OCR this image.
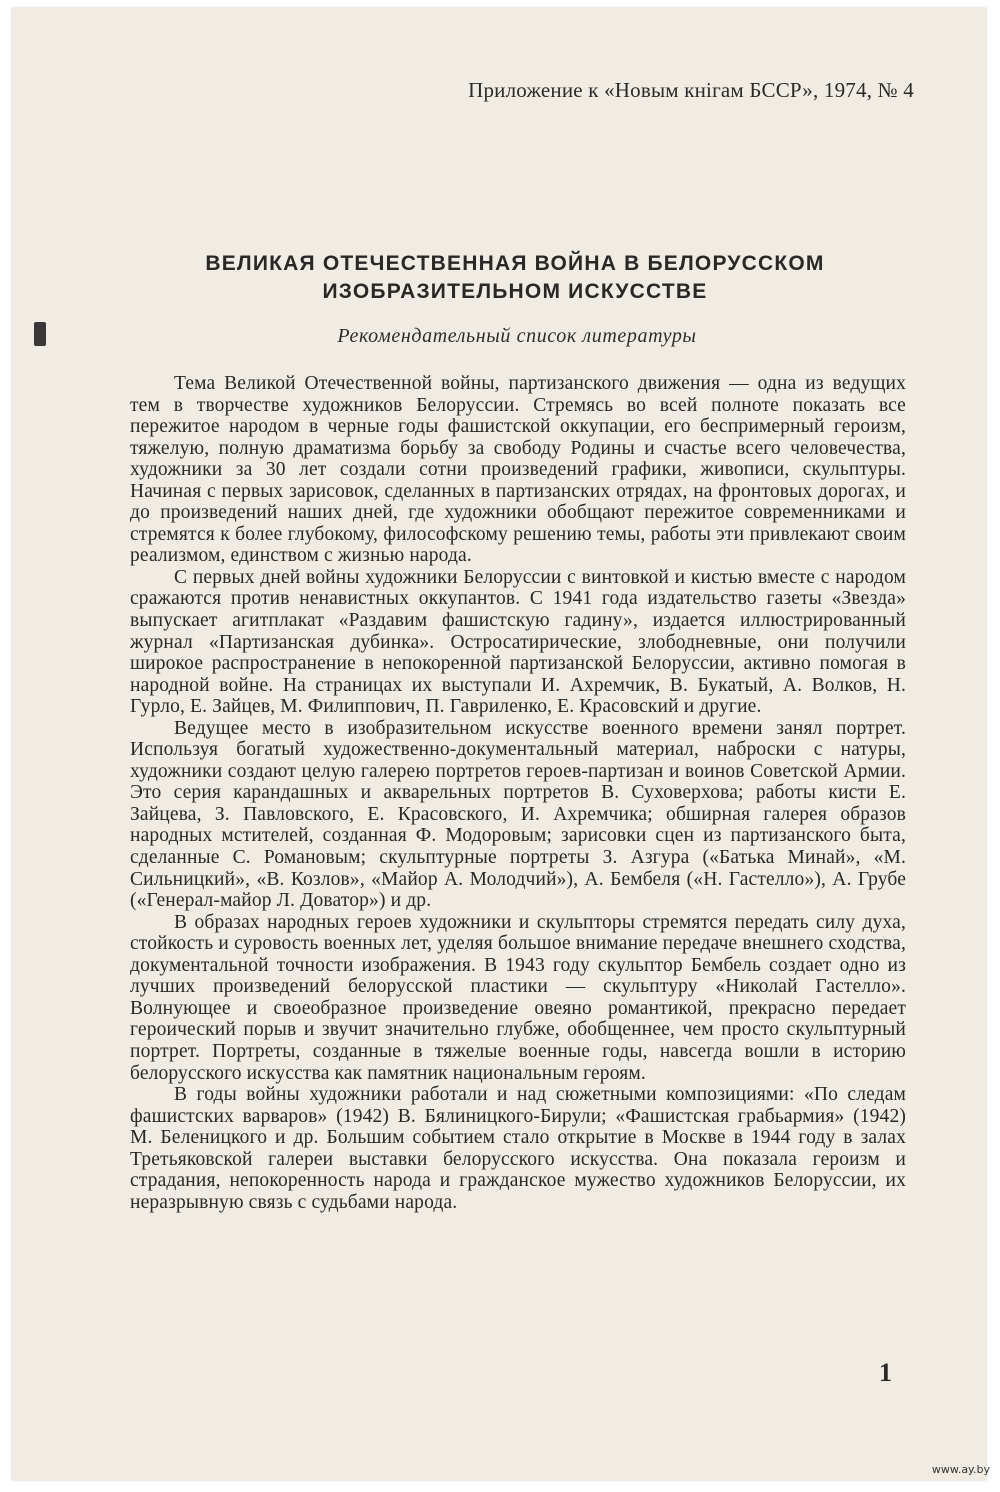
Приложение к «Новым кнігам БССР», 1974, № 4
ВЕЛИКАЯ ОТЕЧЕСТВЕННАЯ ВОЙНА В БЕЛОРУССКОМ
ИЗОБРАЗИТЕЛЬНОМ ИСКУССТВЕ
Рекомендательный список литературы

Тема Великой Отечественной войны, партизанского движения — одна из ведущих тем в творчестве художников Белоруссии. Стремясь во всей полноте показать все пережитое народом в черные годы фашистской оккупации, его беспримерный героизм, тяжелую, полную драматизма борьбу за свободу Родины и счастье всего человечества, художники за 30 лет создали сотни произведений графики, живописи, скульптуры. Начиная с первых зарисовок, сделанных в партизанских отрядах, на фронтовых дорогах, и до произведений наших дней, где художники обобщают пережитое современниками и стремятся к более глубокому, философскому решению темы, работы эти привлекают своим реализмом, единством с жизнью народа.

С первых дней войны художники Белоруссии с винтовкой и кистью вместе с народом сражаются против ненавистных оккупантов. С 1941 года издательство газеты «Звезда» выпускает агитплакат «Раздавим фашистскую гадину», издается иллюстрированный журнал «Партизанская дубинка». Остросатирические, злободневные, они получили широкое распространение в непокоренной партизанской Белоруссии, активно помогая в народной войне. На страницах их выступали И. Ахремчик, В. Букатый, А. Волков, Н. Гурло, Е. Зайцев, М. Филиппович, П. Гавриленко, Е. Красовский и другие.

Ведущее место в изобразительном искусстве военного времени занял портрет. Используя богатый художественно-документальный материал, наброски с натуры, художники создают целую галерею портретов героев-партизан и воинов Советской Армии. Это серия карандашных и акварельных портретов В. Суховерхова; работы кисти Е. Зайцева, З. Павловского, Е. Красовского, И. Ахремчика; обширная галерея образов народных мстителей, созданная Ф. Модоровым; зарисовки сцен из партизанского быта, сделанные С. Романовым; скульптурные портреты З. Азгура («Батька Минай», «М. Сильницкий», «В. Козлов», «Майор А. Молодчий»), А. Бембеля («Н. Гастелло»), А. Грубе («Генерал-майор Л. Доватор») и др.

В образах народных героев художники и скульпторы стремятся передать силу духа, стойкость и суровость военных лет, уделяя большое внимание передаче внешнего сходства, документальной точности изображения. В 1943 году скульптор Бембель создает одно из лучших произведений белорусской пластики — скульптуру «Николай Гастелло». Волнующее и своеобразное произведение овеяно романтикой, прекрасно передает героический порыв и звучит значительно глубже, обобщеннее, чем просто скульптурный портрет. Портреты, созданные в тяжелые военные годы, навсегда вошли в историю белорусского искусства как памятник национальным героям.

В годы войны художники работали и над сюжетными композициями: «По следам фашистских варваров» (1942) В. Бялиницкого-Бирули; «Фашистская грабьармия» (1942) М. Беленицкого и др. Большим событием стало открытие в Москве в 1944 году в залах Третьяковской галереи выставки белорусского искусства. Она показала героизм и страдания, непокоренность народа и гражданское мужество художников Белоруссии, их неразрывную связь с судьбами народа.

1
www.ay.by
